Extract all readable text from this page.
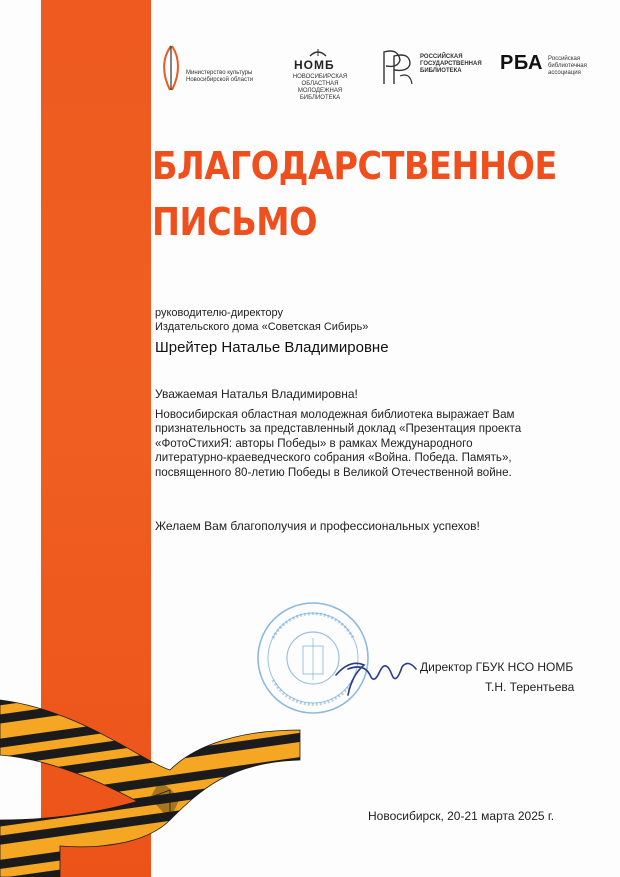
Министерство культуры Новосибирской области
НОМБ
НОВОСИБИРСКАЯ ОБЛАСТНАЯ МОЛОДЕЖНАЯ БИБЛИОТЕКА
РОССИЙСКАЯ ГОСУДАРСТВЕННАЯ БИБЛИОТЕКА	РБА Российская библиотечная ассоциация
БЛАГОДАРСТВЕННОЕ
ПИСЬМО
руководителю-директору
Издательского дома «Советская Сибирь»
Шрейтер Наталье Владимировне
Уважаемая Наталья Владимировна!
Новосибирская областная молодежная библиотека выражает Вам
признательность за представленный доклад «Презентация проекта
«ФотоСтихиЯ: авторы Победы» в рамках Международного
литературно-краеведческого собрания «Война. Победа. Память»,
посвященного 80-летию Победы в Великой Отечественной войне.
Желаем Вам благополучия и профессиональных успехов!
Директор ГБУК НСО НОМБ
Т.Н. Терентьева
Новосибирск, 20-21 марта 2025 г.
